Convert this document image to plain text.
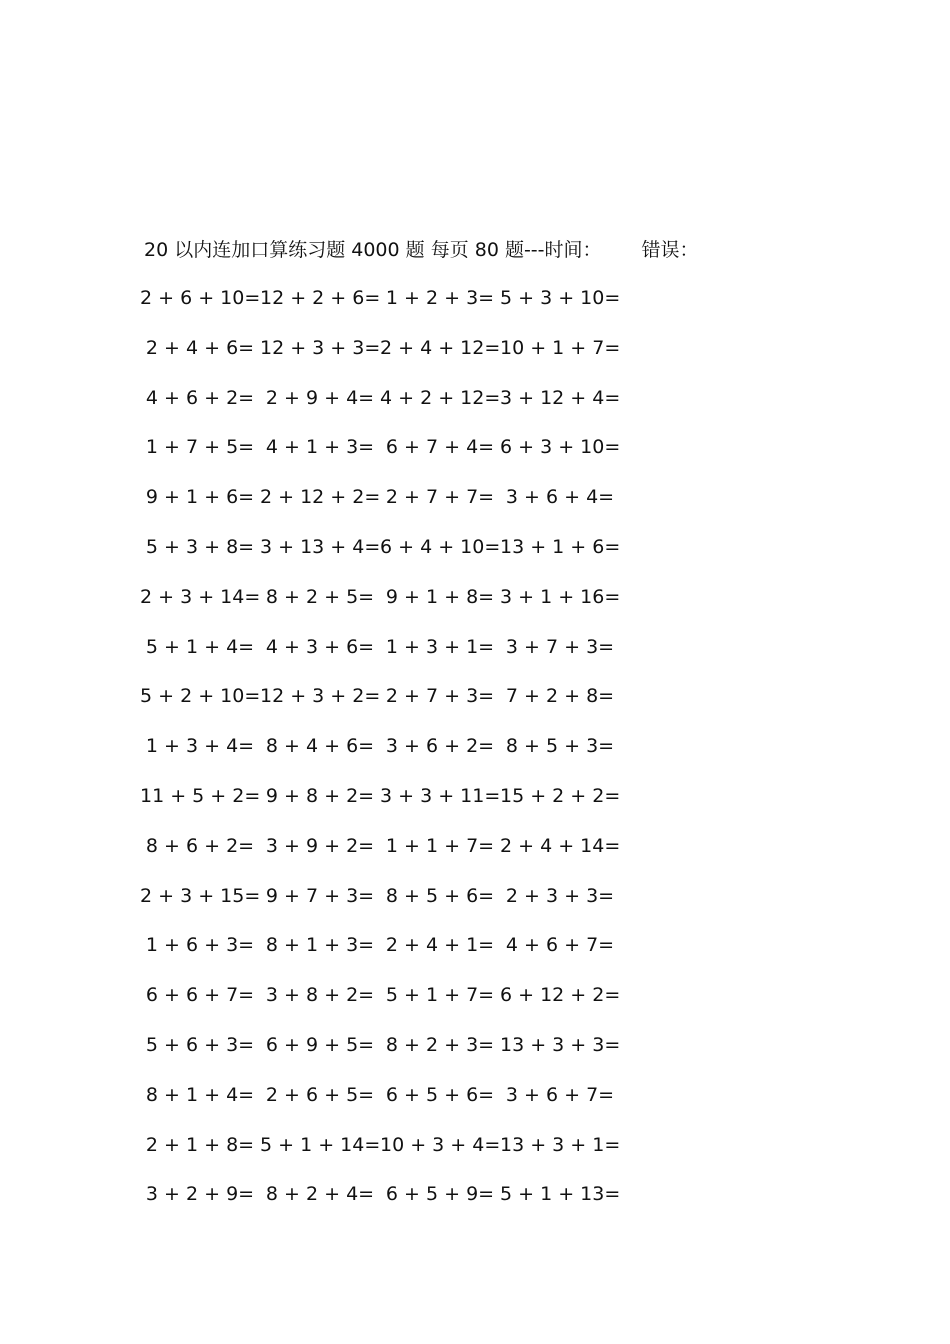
20 以内连加口算练习题 4000 题 每页 80 题---时间： 错误：
2 + 6 + 10= 12 + 2 + 6= 1 + 2 + 3= 5 + 3 + 10=
2 + 4 + 6= 12 + 3 + 3= 2 + 4 + 12= 10 + 1 + 7=
4 + 6 + 2= 2 + 9 + 4= 4 + 2 + 12= 3 + 12 + 4=
1 + 7 + 5= 4 + 1 + 3= 6 + 7 + 4= 6 + 3 + 10=
9 + 1 + 6= 2 + 12 + 2= 2 + 7 + 7= 3 + 6 + 4=
5 + 3 + 8= 3 + 13 + 4= 6 + 4 + 10= 13 + 1 + 6=
2 + 3 + 14= 8 + 2 + 5= 9 + 1 + 8= 3 + 1 + 16=
5 + 1 + 4= 4 + 3 + 6= 1 + 3 + 1= 3 + 7 + 3=
5 + 2 + 10= 12 + 3 + 2= 2 + 7 + 3= 7 + 2 + 8=
1 + 3 + 4= 8 + 4 + 6= 3 + 6 + 2= 8 + 5 + 3=
11 + 5 + 2= 9 + 8 + 2= 3 + 3 + 11= 15 + 2 + 2=
8 + 6 + 2= 3 + 9 + 2= 1 + 1 + 7= 2 + 4 + 14=
2 + 3 + 15= 9 + 7 + 3= 8 + 5 + 6= 2 + 3 + 3=
1 + 6 + 3= 8 + 1 + 3= 2 + 4 + 1= 4 + 6 + 7=
6 + 6 + 7= 3 + 8 + 2= 5 + 1 + 7= 6 + 12 + 2=
5 + 6 + 3= 6 + 9 + 5= 8 + 2 + 3= 13 + 3 + 3=
8 + 1 + 4= 2 + 6 + 5= 6 + 5 + 6= 3 + 6 + 7=
2 + 1 + 8= 5 + 1 + 14= 10 + 3 + 4= 13 + 3 + 1=
3 + 2 + 9= 8 + 2 + 4= 6 + 5 + 9= 5 + 1 + 13=
